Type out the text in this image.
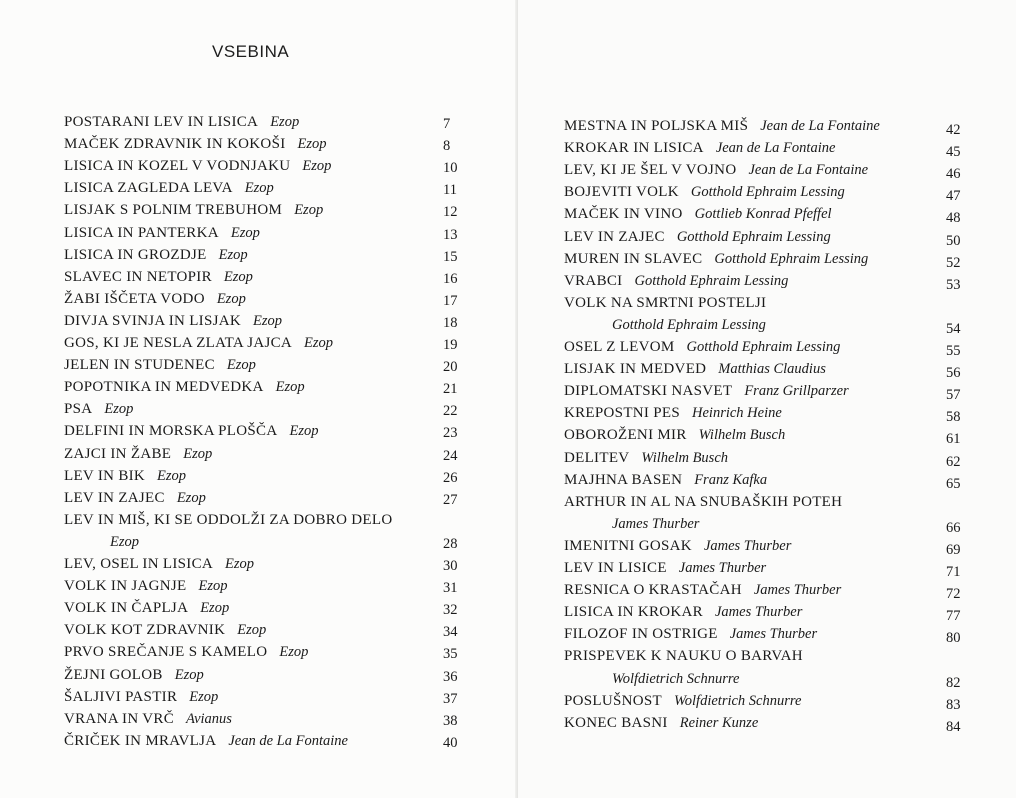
VSEBINA
POSTARANI LEV IN LISICA Ezop	7
MAČEK ZDRAVNIK IN KOKOŠI Ezop	8
LISICA IN KOZEL V VODNJAKU Ezop	10
LISICA ZAGLEDA LEVA Ezop	11
LISJAK S POLNIM TREBUHOM Ezop	12
LISICA IN PANTERKA Ezop	13
LISICA IN GROZDJE Ezop	15
SLAVEC IN NETOPIR Ezop	16
ŽABI IŠČETA VODO Ezop	17
DIVJA SVINJA IN LISJAK Ezop	18
GOS, KI JE NESLA ZLATA JAJCA Ezop	19
JELEN IN STUDENEC Ezop	20
POPOTNIKA IN MEDVEDKA Ezop	21
PSA Ezop	22
DELFINI IN MORSKA PLOŠČA Ezop	23
ZAJCI IN ŽABE Ezop	24
LEV IN BIK Ezop	26
LEV IN ZAJEC Ezop	27
LEV IN MIŠ, KI SE ODDOLŽI ZA DOBRO DELO
Ezop	28
LEV, OSEL IN LISICA Ezop	30
VOLK IN JAGNJE Ezop	31
VOLK IN ČAPLJA Ezop	32
VOLK KOT ZDRAVNIK Ezop	34
PRVO SREČANJE S KAMELO Ezop	35
ŽEJNI GOLOB Ezop	36
ŠALJIVI PASTIR Ezop	37
VRANA IN VRČ Avianus	38
ČRIČEK IN MRAVLJA Jean de La Fontaine	40
MESTNA IN POLJSKA MIŠ Jean de La Fontaine	42
KROKAR IN LISICA Jean de La Fontaine	45
LEV, KI JE ŠEL V VOJNO Jean de La Fontaine	46
BOJEVITI VOLK Gotthold Ephraim Lessing	47
MAČEK IN VINO Gottlieb Konrad Pfeffel	48
LEV IN ZAJEC Gotthold Ephraim Lessing	50
MUREN IN SLAVEC Gotthold Ephraim Lessing	52
VRABCI Gotthold Ephraim Lessing	53
VOLK NA SMRTNI POSTELJI
Gotthold Ephraim Lessing	54
OSEL Z LEVOM Gotthold Ephraim Lessing	55
LISJAK IN MEDVED Matthias Claudius	56
DIPLOMATSKI NASVET Franz Grillparzer	57
KREPOSTNI PES Heinrich Heine	58
OBOROŽENI MIR Wilhelm Busch	61
DELITEV Wilhelm Busch	62
MAJHNA BASEN Franz Kafka	65
ARTHUR IN AL NA SNUBAŠKIH POTEH
James Thurber	66
IMENITNI GOSAK James Thurber	69
LEV IN LISICE James Thurber	71
RESNICA O KRASTAČAH James Thurber	72
LISICA IN KROKAR James Thurber	77
FILOZOF IN OSTRIGE James Thurber	80
PRISPEVEK K NAUKU O BARVAH
Wolfdietrich Schnurre	82
POSLUŠNOST Wolfdietrich Schnurre	83
KONEC BASNI Reiner Kunze	84
